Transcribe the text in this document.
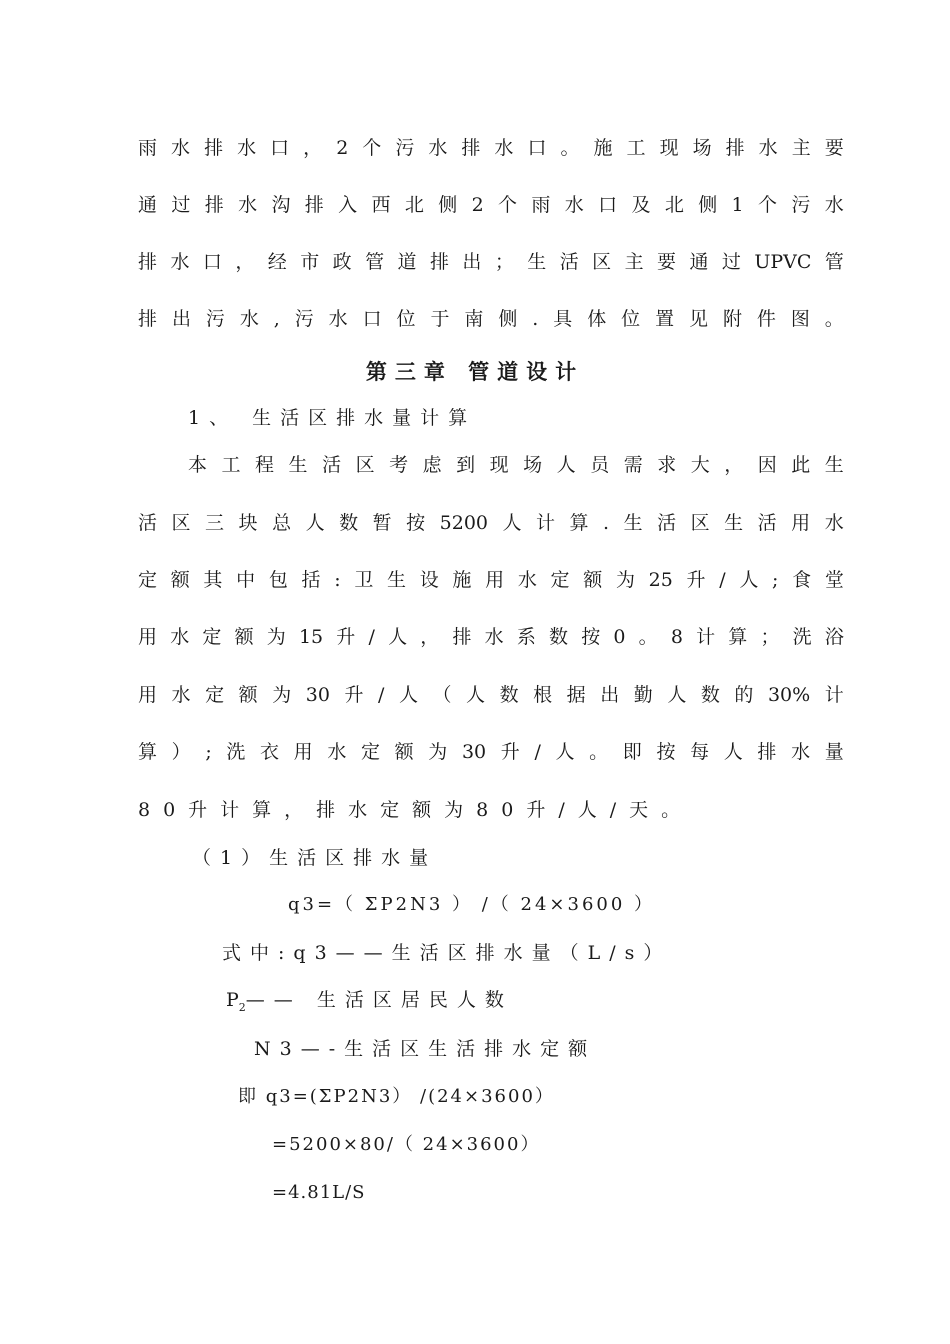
雨 水 排 水 口 ， 2 个 污 水 排 水 口 。 施 工 现 场 排 水 主 要
通 过 排 水 沟 排 入 西 北 侧 2 个 雨 水 口 及 北 侧 1 个 污 水
排 水 口 ， 经 市 政 管 道 排 出 ； 生 活 区 主 要 通 过 UPVC 管
排 出 污 水 , 污 水 口 位 于 南 侧 . 具 体 位 置 见 附 件 图 。
第三章 管道设计
1、 生活区排水量计算
本 工 程 生 活 区 考 虑 到 现 场 人 员 需 求 大 ， 因 此 生
活 区 三 块 总 人 数 暂 按 5200 人 计 算 . 生 活 区 生 活 用 水
定 额 其 中 包 括 : 卫 生 设 施 用 水 定 额 为 25 升 / 人 ; 食 堂
用 水 定 额 为 15 升 / 人 ， 排 水 系 数 按 0 。 8 计 算 ； 洗 浴
用 水 定 额 为 30 升 / 人 （ 人 数 根 据 出 勤 人 数 的 30% 计
算 ） ; 洗 衣 用 水 定 额 为 30 升 / 人 。 即 按 每 人 排 水 量
80升计算，排水定额为80升/人/天。
（1）生活区排水量
q3=（ ΣP2N3 ） /（ 24×3600 ）
式中:q3——生活区排水量（L/s）
$P_2——$ 生活区居民人数
N3—-生活区生活排水定额
即 q3=(ΣP2N3） /(24×3600）
=5200×80/（ 24×3600）
=4.81L/S
